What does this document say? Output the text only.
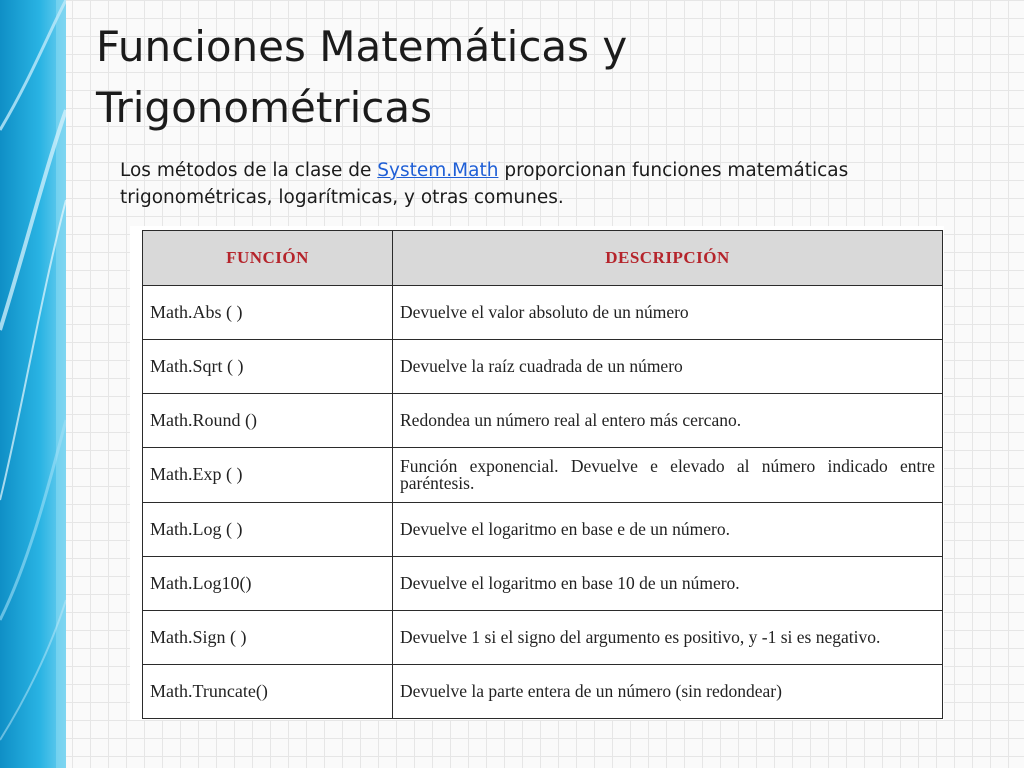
Funciones Matemáticas y Trigonométricas

Los métodos de la clase de System.Math proporcionan funciones matemáticas trigonométricas, logarítmicas, y otras comunes.

FUNCIÓN	DESCRIPCIÓN
Math.Abs ( )	Devuelve el valor absoluto de un número
Math.Sqrt ( )	Devuelve la raíz cuadrada de un número
Math.Round ()	Redondea un número real al entero más cercano.
Math.Exp ( )	Función exponencial. Devuelve e elevado al número indicado entre paréntesis.
Math.Log ( )	Devuelve el logaritmo en base e de un número.
Math.Log10()	Devuelve el logaritmo en base 10 de un número.
Math.Sign ( )	Devuelve 1 si el signo del argumento es positivo, y -1 si es negativo.
Math.Truncate()	Devuelve la parte entera de un número (sin redondear)
